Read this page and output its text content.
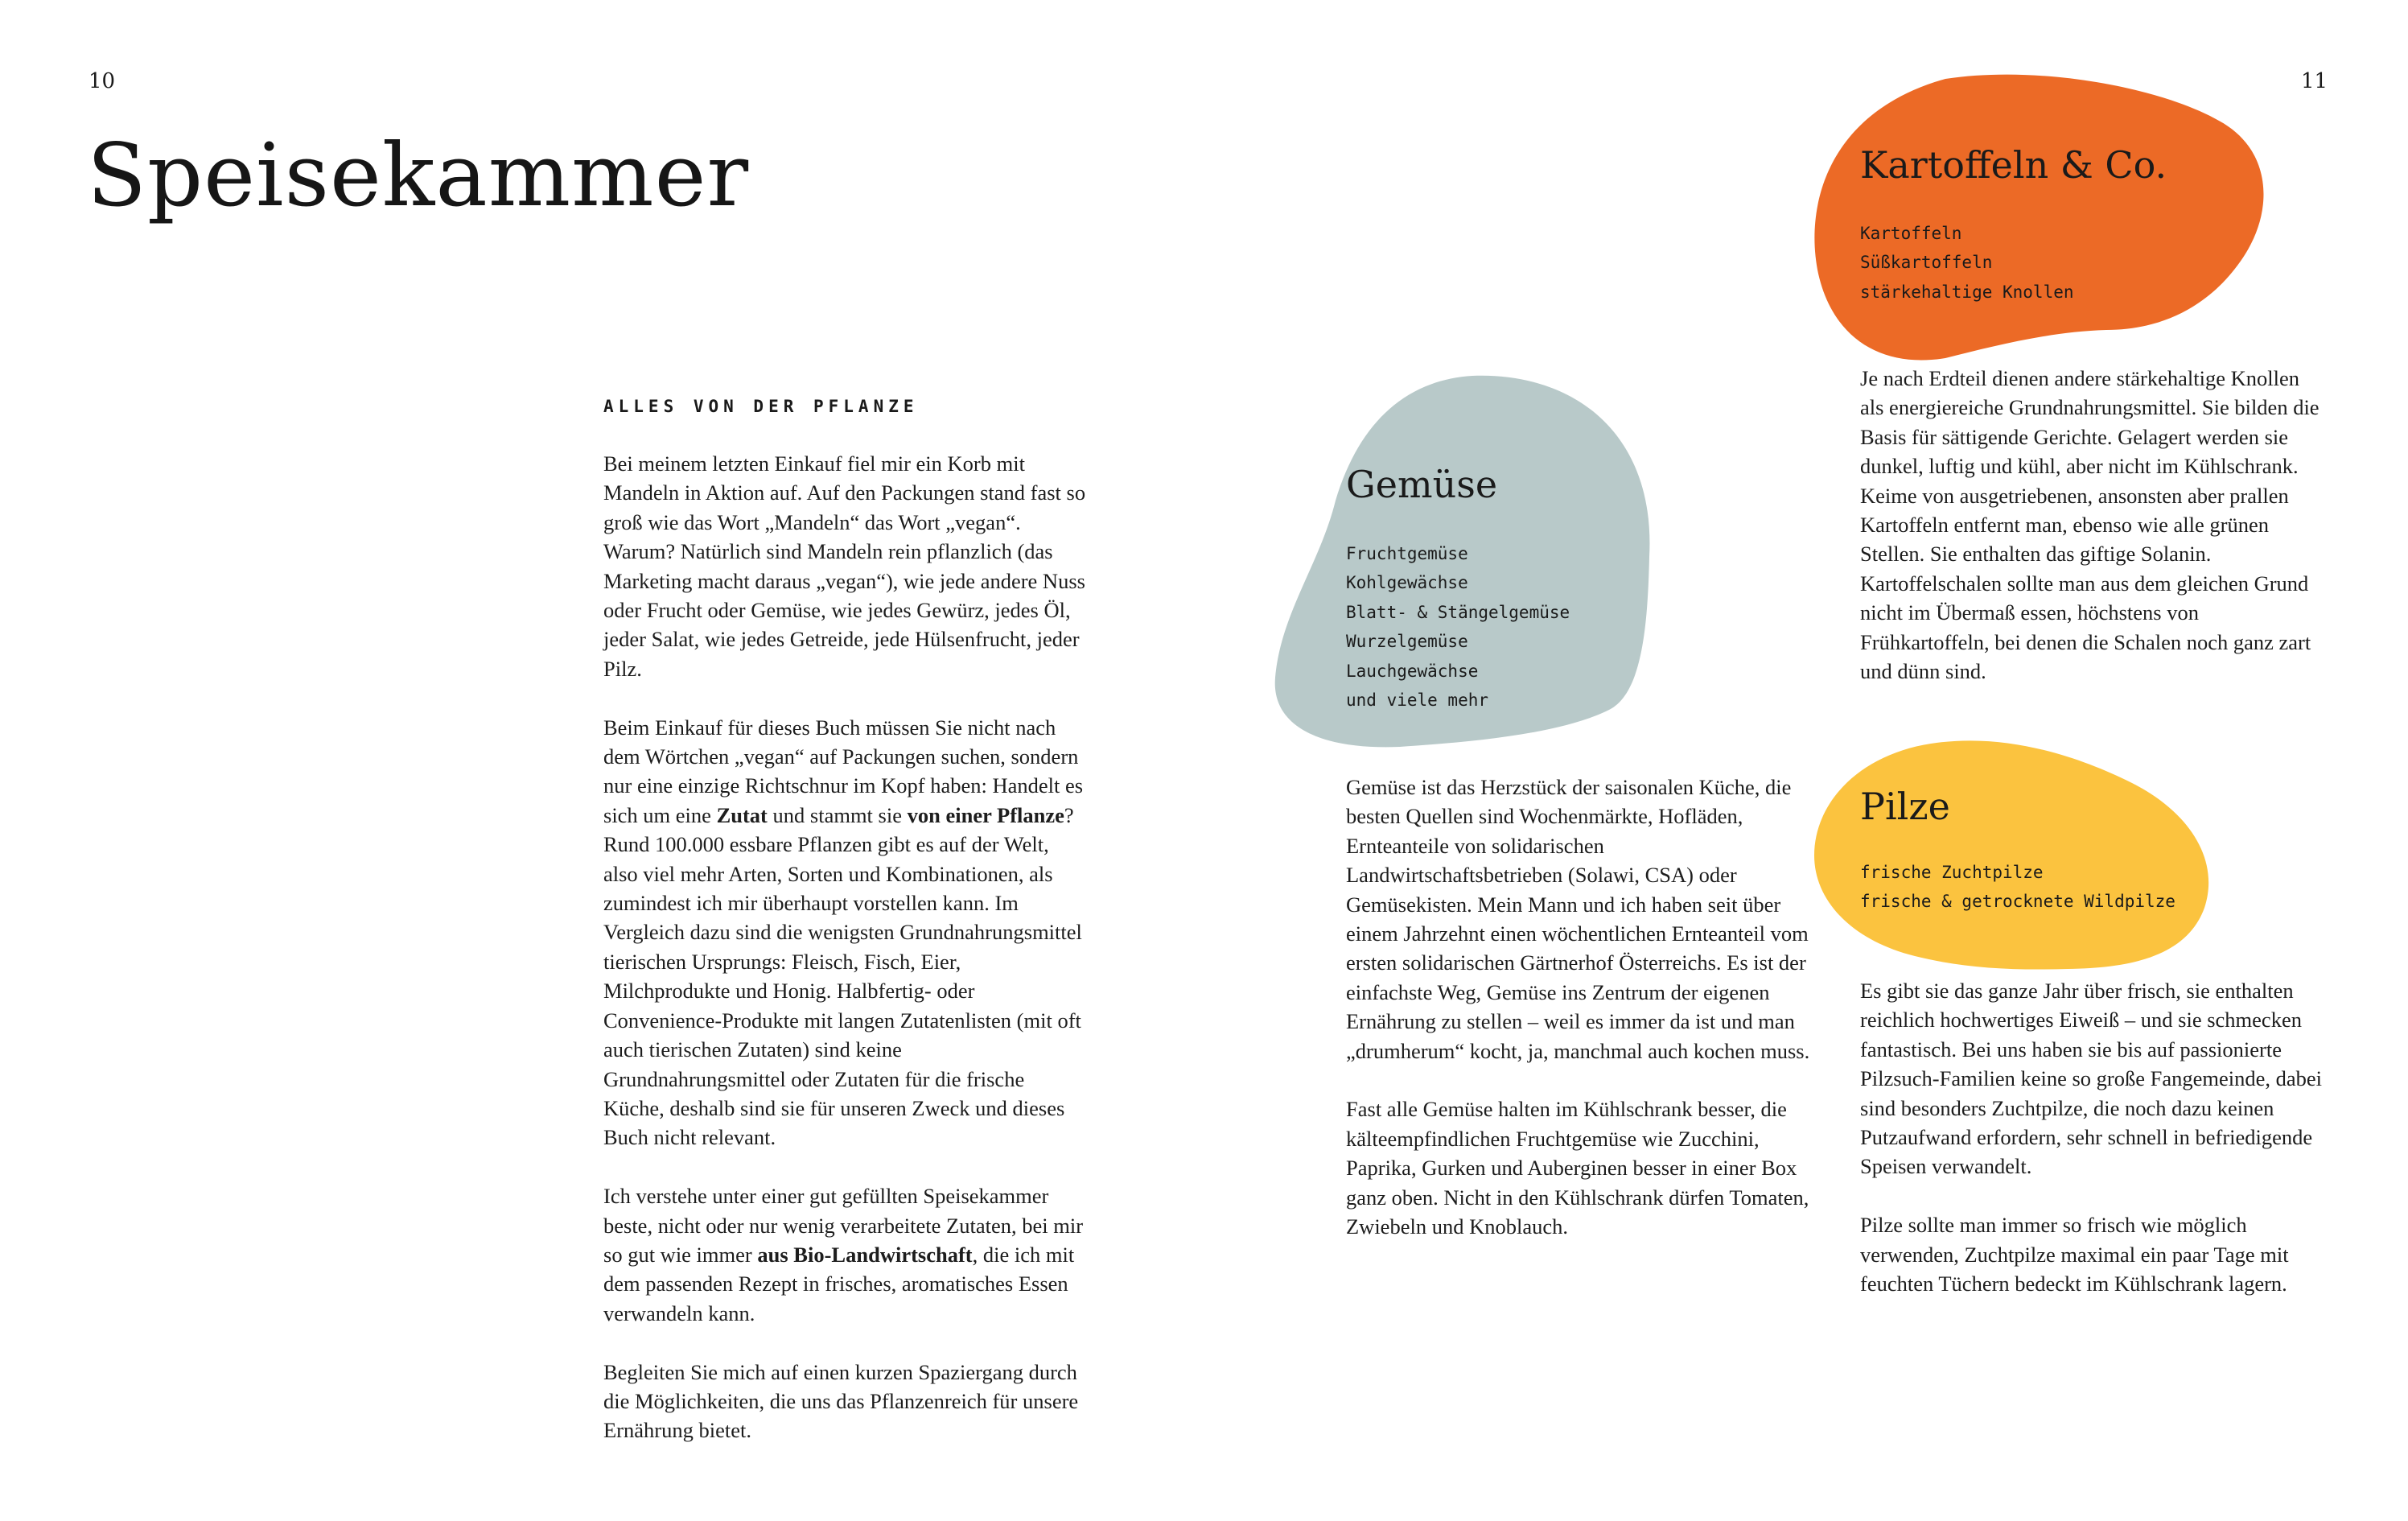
10	11
Speisekammer
ALLES VON DER PFLANZE

Bei meinem letzten Einkauf fiel mir ein Korb mit Mandeln in Aktion auf. Auf den Packungen stand fast so groß wie das Wort „Mandeln“ das Wort „vegan“. Warum? Natürlich sind Mandeln rein pflanzlich (das Marketing macht daraus „vegan“), wie jede andere Nuss oder Frucht oder Gemüse, wie jedes Gewürz, jedes Öl, jeder Salat, wie jedes Getreide, jede Hülsenfrucht, jeder Pilz.

Beim Einkauf für dieses Buch müssen Sie nicht nach dem Wörtchen „vegan“ auf Packungen suchen, sondern nur eine einzige Richtschnur im Kopf haben: Handelt es sich um eine Zutat und stammt sie von einer Pflanze? Rund 100.000 essbare Pflanzen gibt es auf der Welt, also viel mehr Arten, Sorten und Kombinationen, als zumindest ich mir überhaupt vorstellen kann. Im Vergleich dazu sind die wenigsten Grundnahrungsmittel tierischen Ursprungs: Fleisch, Fisch, Eier, Milchprodukte und Honig. Halbfertig- oder Convenience-Produkte mit langen Zutatenlisten (mit oft auch tierischen Zutaten) sind keine Grundnahrungsmittel oder Zutaten für die frische Küche, deshalb sind sie für unseren Zweck und dieses Buch nicht relevant.

Ich verstehe unter einer gut gefüllten Speisekammer beste, nicht oder nur wenig verarbeitete Zutaten, bei mir so gut wie immer aus Bio-Landwirtschaft, die ich mit dem passenden Rezept in frisches, aromatisches Essen verwandeln kann.

Begleiten Sie mich auf einen kurzen Spaziergang durch die Möglichkeiten, die uns das Pflanzenreich für unsere Ernährung bietet.

Gemüse
Fruchtgemüse
Kohlgewächse
Blatt- & Stängelgemüse
Wurzelgemüse
Lauchgewächse
und viele mehr

Gemüse ist das Herzstück der saisonalen Küche, die besten Quellen sind Wochenmärkte, Hofläden, Ernteanteile von solidarischen Landwirtschaftsbetrieben (Solawi, CSA) oder Gemüsekisten. Mein Mann und ich haben seit über einem Jahrzehnt einen wöchentlichen Ernteanteil vom ersten solidarischen Gärtnerhof Österreichs. Es ist der einfachste Weg, Gemüse ins Zentrum der eigenen Ernährung zu stellen – weil es immer da ist und man „drumherum“ kocht, ja, manchmal auch kochen muss.

Fast alle Gemüse halten im Kühlschrank besser, die kälteempfindlichen Fruchtgemüse wie Zucchini, Paprika, Gurken und Auberginen besser in einer Box ganz oben. Nicht in den Kühlschrank dürfen Tomaten, Zwiebeln und Knoblauch.

Kartoffeln & Co.
Kartoffeln
Süßkartoffeln
stärkehaltige Knollen

Je nach Erdteil dienen andere stärkehaltige Knollen als energiereiche Grundnahrungsmittel. Sie bilden die Basis für sättigende Gerichte. Gelagert werden sie dunkel, luftig und kühl, aber nicht im Kühlschrank. Keime von ausgetriebenen, ansonsten aber prallen Kartoffeln entfernt man, ebenso wie alle grünen Stellen. Sie enthalten das giftige Solanin. Kartoffelschalen sollte man aus dem gleichen Grund nicht im Übermaß essen, höchstens von Frühkartoffeln, bei denen die Schalen noch ganz zart und dünn sind.

Pilze
frische Zuchtpilze
frische & getrocknete Wildpilze

Es gibt sie das ganze Jahr über frisch, sie enthalten reichlich hochwertiges Eiweiß – und sie schmecken fantastisch. Bei uns haben sie bis auf passionierte Pilzsuch-Familien keine so große Fangemeinde, dabei sind besonders Zuchtpilze, die noch dazu keinen Putzaufwand erfordern, sehr schnell in befriedigende Speisen verwandelt.

Pilze sollte man immer so frisch wie möglich verwenden, Zuchtpilze maximal ein paar Tage mit feuchten Tüchern bedeckt im Kühlschrank lagern.
